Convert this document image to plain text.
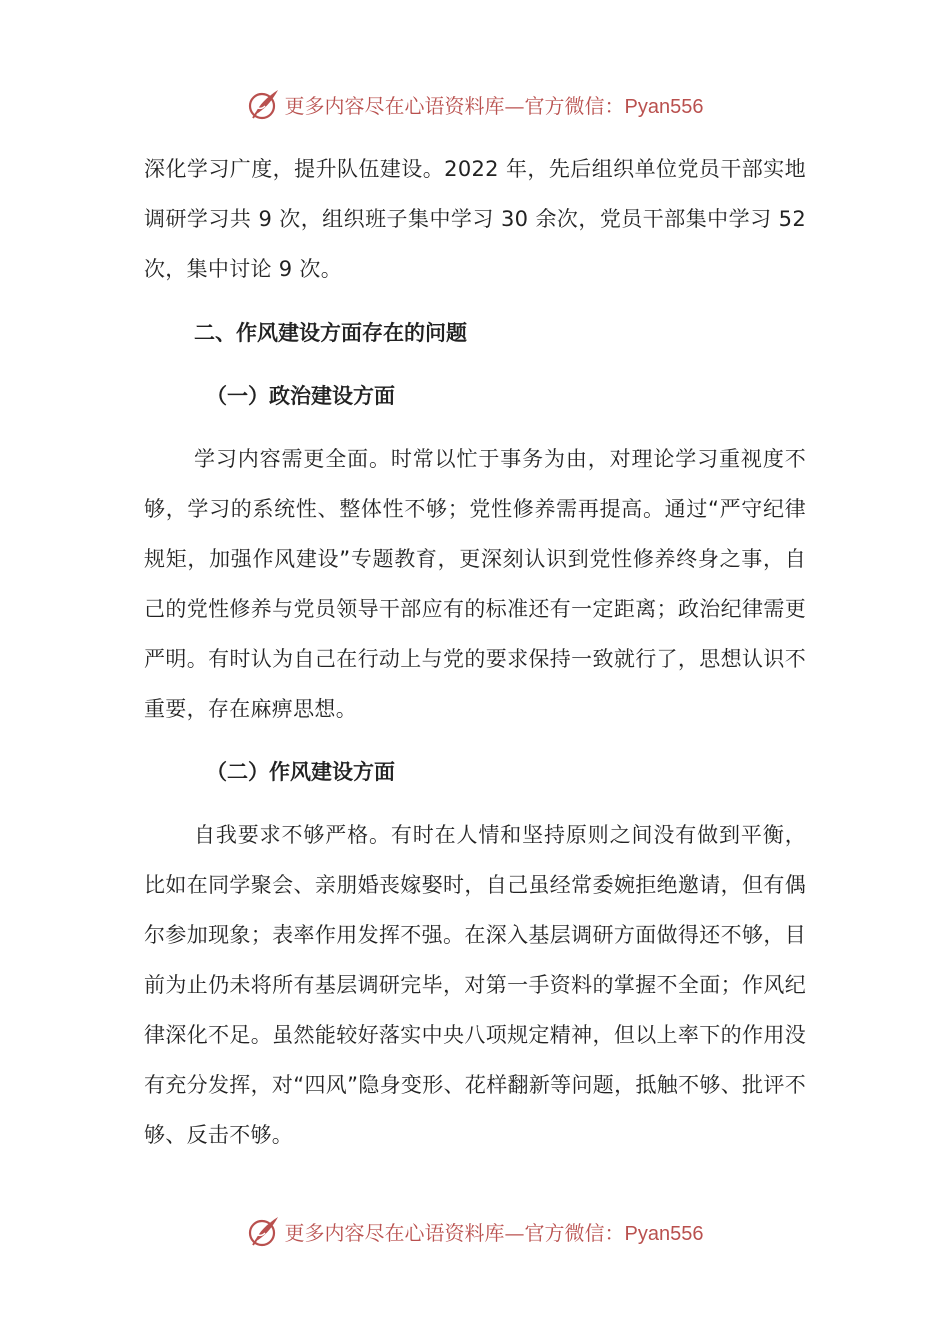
更多内容尽在心语资料库—官方微信：Pyan556

深化学习广度，提升队伍建设。2022 年，先后组织单位党员干部实地调研学习共 9 次，组织班子集中学习 30 余次，党员干部集中学习 52 次，集中讨论 9 次。

二、作风建设方面存在的问题

（一）政治建设方面

学习内容需更全面。时常以忙于事务为由，对理论学习重视度不够，学习的系统性、整体性不够；党性修养需再提高。通过“严守纪律规矩，加强作风建设”专题教育，更深刻认识到党性修养终身之事，自己的党性修养与党员领导干部应有的标准还有一定距离；政治纪律需更严明。有时认为自己在行动上与党的要求保持一致就行了，思想认识不重要，存在麻痹思想。

（二）作风建设方面

自我要求不够严格。有时在人情和坚持原则之间没有做到平衡，比如在同学聚会、亲朋婚丧嫁娶时，自己虽经常委婉拒绝邀请，但有偶尔参加现象；表率作用发挥不强。在深入基层调研方面做得还不够，目前为止仍未将所有基层调研完毕，对第一手资料的掌握不全面；作风纪律深化不足。虽然能较好落实中央八项规定精神，但以上率下的作用没有充分发挥，对“四风”隐身变形、花样翻新等问题，抵触不够、批评不够、反击不够。

更多内容尽在心语资料库—官方微信：Pyan556
